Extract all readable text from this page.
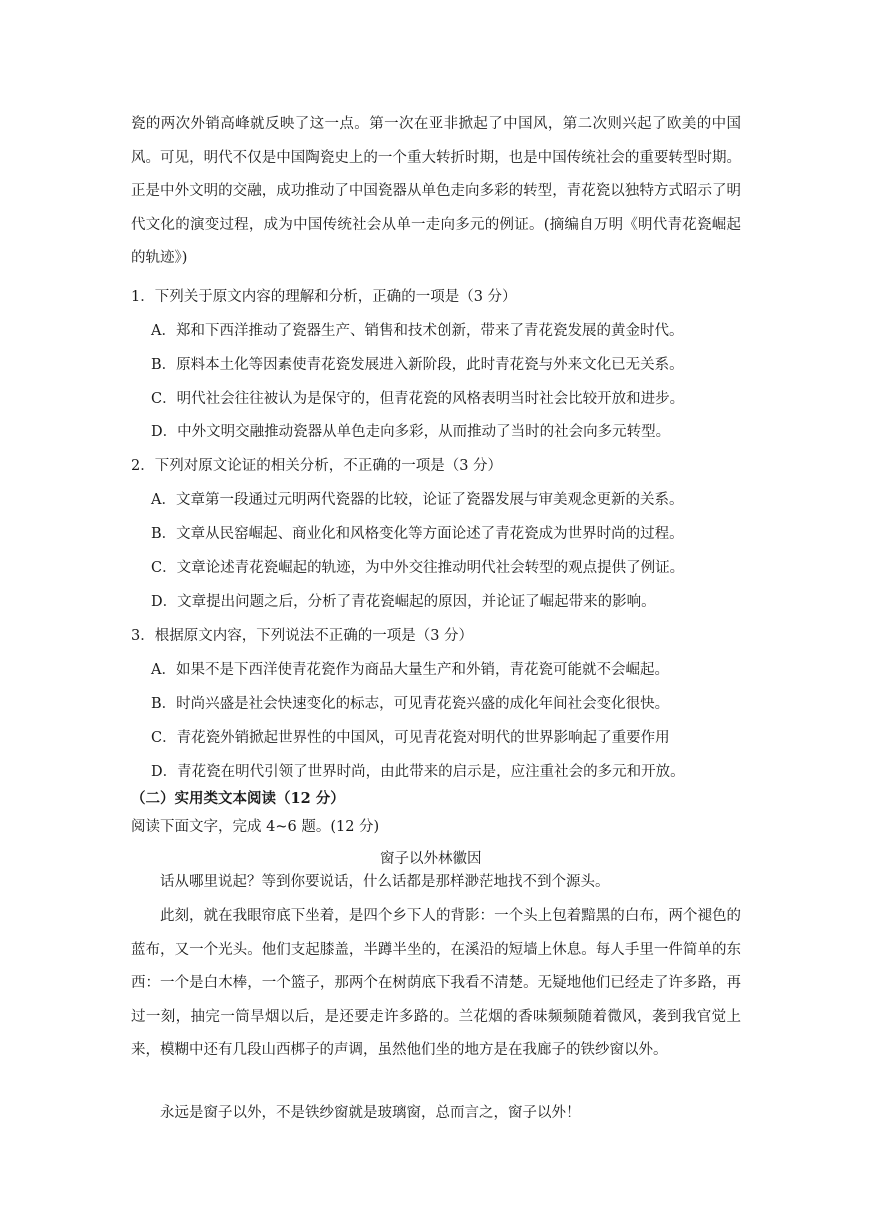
瓷的两次外销高峰就反映了这一点。第一次在亚非掀起了中国风，第二次则兴起了欧美的中国风。可见，明代不仅是中国陶瓷史上的一个重大转折时期，也是中国传统社会的重要转型时期。正是中外文明的交融，成功推动了中国瓷器从单色走向多彩的转型，青花瓷以独特方式昭示了明代文化的演变过程，成为中国传统社会从单一走向多元的例证。(摘编自万明《明代青花瓷崛起的轨迹》)
1．下列关于原文内容的理解和分析，正确的一项是（3 分）
A．郑和下西洋推动了瓷器生产、销售和技术创新，带来了青花瓷发展的黄金时代。
B．原料本土化等因素使青花瓷发展进入新阶段，此时青花瓷与外来文化已无关系。
C．明代社会往往被认为是保守的，但青花瓷的风格表明当时社会比较开放和进步。
D．中外文明交融推动瓷器从单色走向多彩，从而推动了当时的社会向多元转型。
2．下列对原文论证的相关分析，不正确的一项是（3 分）
A．文章第一段通过元明两代瓷器的比较，论证了瓷器发展与审美观念更新的关系。
B．文章从民窑崛起、商业化和风格变化等方面论述了青花瓷成为世界时尚的过程。
C．文章论述青花瓷崛起的轨迹，为中外交往推动明代社会转型的观点提供了例证。
D．文章提出问题之后，分析了青花瓷崛起的原因，并论证了崛起带来的影响。
3．根据原文内容，下列说法不正确的一项是（3 分）
A．如果不是下西洋使青花瓷作为商品大量生产和外销，青花瓷可能就不会崛起。
B．时尚兴盛是社会快速变化的标志，可见青花瓷兴盛的成化年间社会变化很快。
C．青花瓷外销掀起世界性的中国风，可见青花瓷对明代的世界影响起了重要作用
D．青花瓷在明代引领了世界时尚，由此带来的启示是，应注重社会的多元和开放。
（二）实用类文本阅读（12 分）
阅读下面文字，完成 4~6 题。(12 分)
窗子以外林徽因
话从哪里说起？等到你要说话，什么话都是那样渺茫地找不到个源头。
此刻，就在我眼帘底下坐着，是四个乡下人的背影：一个头上包着黯黑的白布，两个褪色的蓝布，又一个光头。他们支起膝盖，半蹲半坐的，在溪沿的短墙上休息。每人手里一件简单的东西：一个是白木棒，一个篮子，那两个在树荫底下我看不清楚。无疑地他们已经走了许多路，再过一刻，抽完一筒旱烟以后，是还要走许多路的。兰花烟的香味频频随着微风，袭到我官觉上来，模糊中还有几段山西梆子的声调，虽然他们坐的地方是在我廊子的铁纱窗以外。
永远是窗子以外，不是铁纱窗就是玻璃窗，总而言之，窗子以外！
